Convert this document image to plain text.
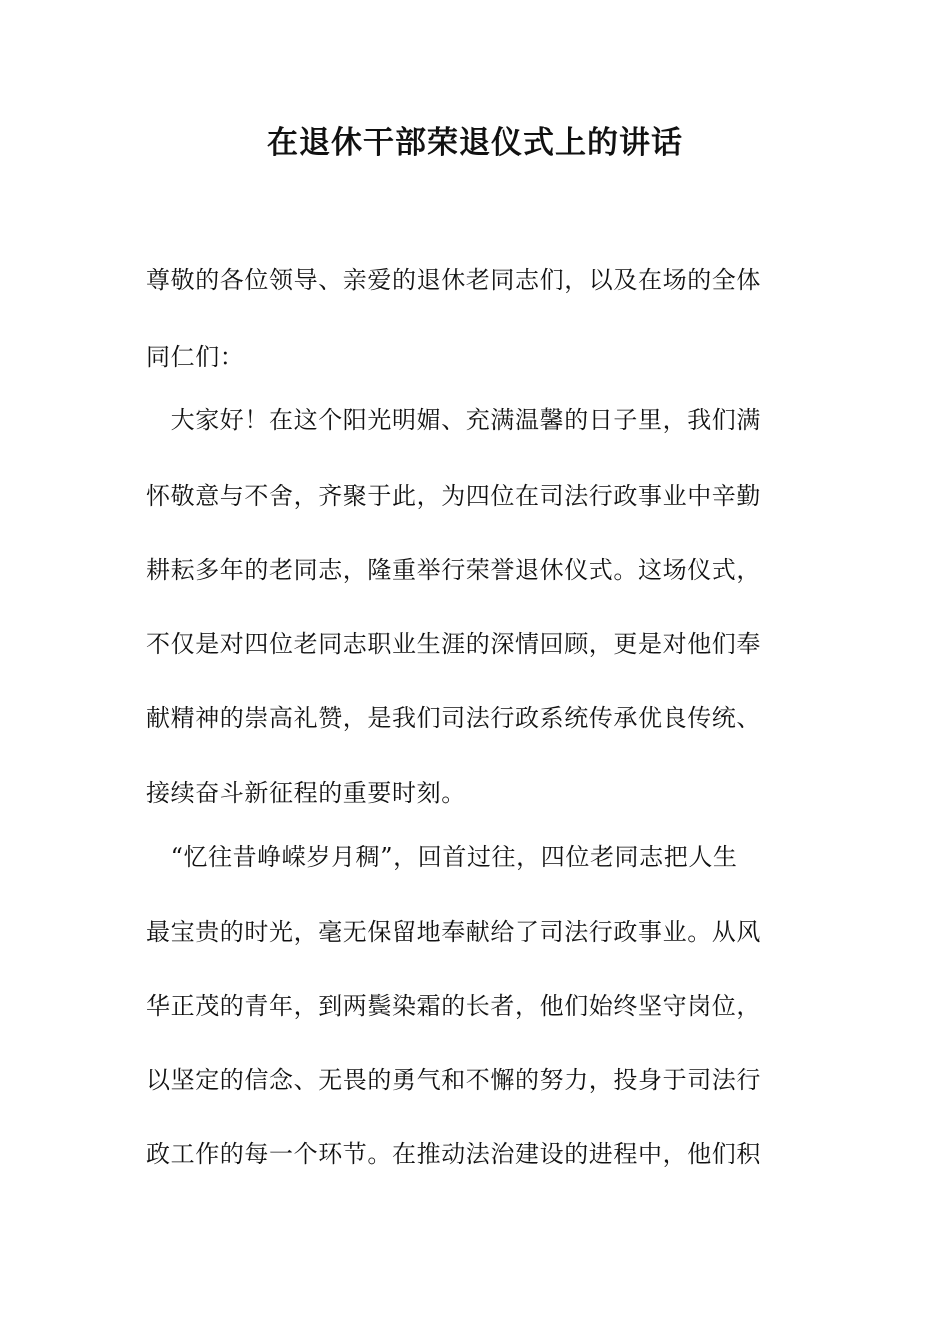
在退休干部荣退仪式上的讲话

尊敬的各位领导、亲爱的退休老同志们，以及在场的全体

同仁们：

　大家好！在这个阳光明媚、充满温馨的日子里，我们满

怀敬意与不舍，齐聚于此，为四位在司法行政事业中辛勤

耕耘多年的老同志，隆重举行荣誉退休仪式。这场仪式，

不仅是对四位老同志职业生涯的深情回顾，更是对他们奉

献精神的崇高礼赞，是我们司法行政系统传承优良传统、

接续奋斗新征程的重要时刻。

　“忆往昔峥嵘岁月稠”，回首过往，四位老同志把人生

最宝贵的时光，毫无保留地奉献给了司法行政事业。从风

华正茂的青年，到两鬓染霜的长者，他们始终坚守岗位，

以坚定的信念、无畏的勇气和不懈的努力，投身于司法行

政工作的每一个环节。在推动法治建设的进程中，他们积
